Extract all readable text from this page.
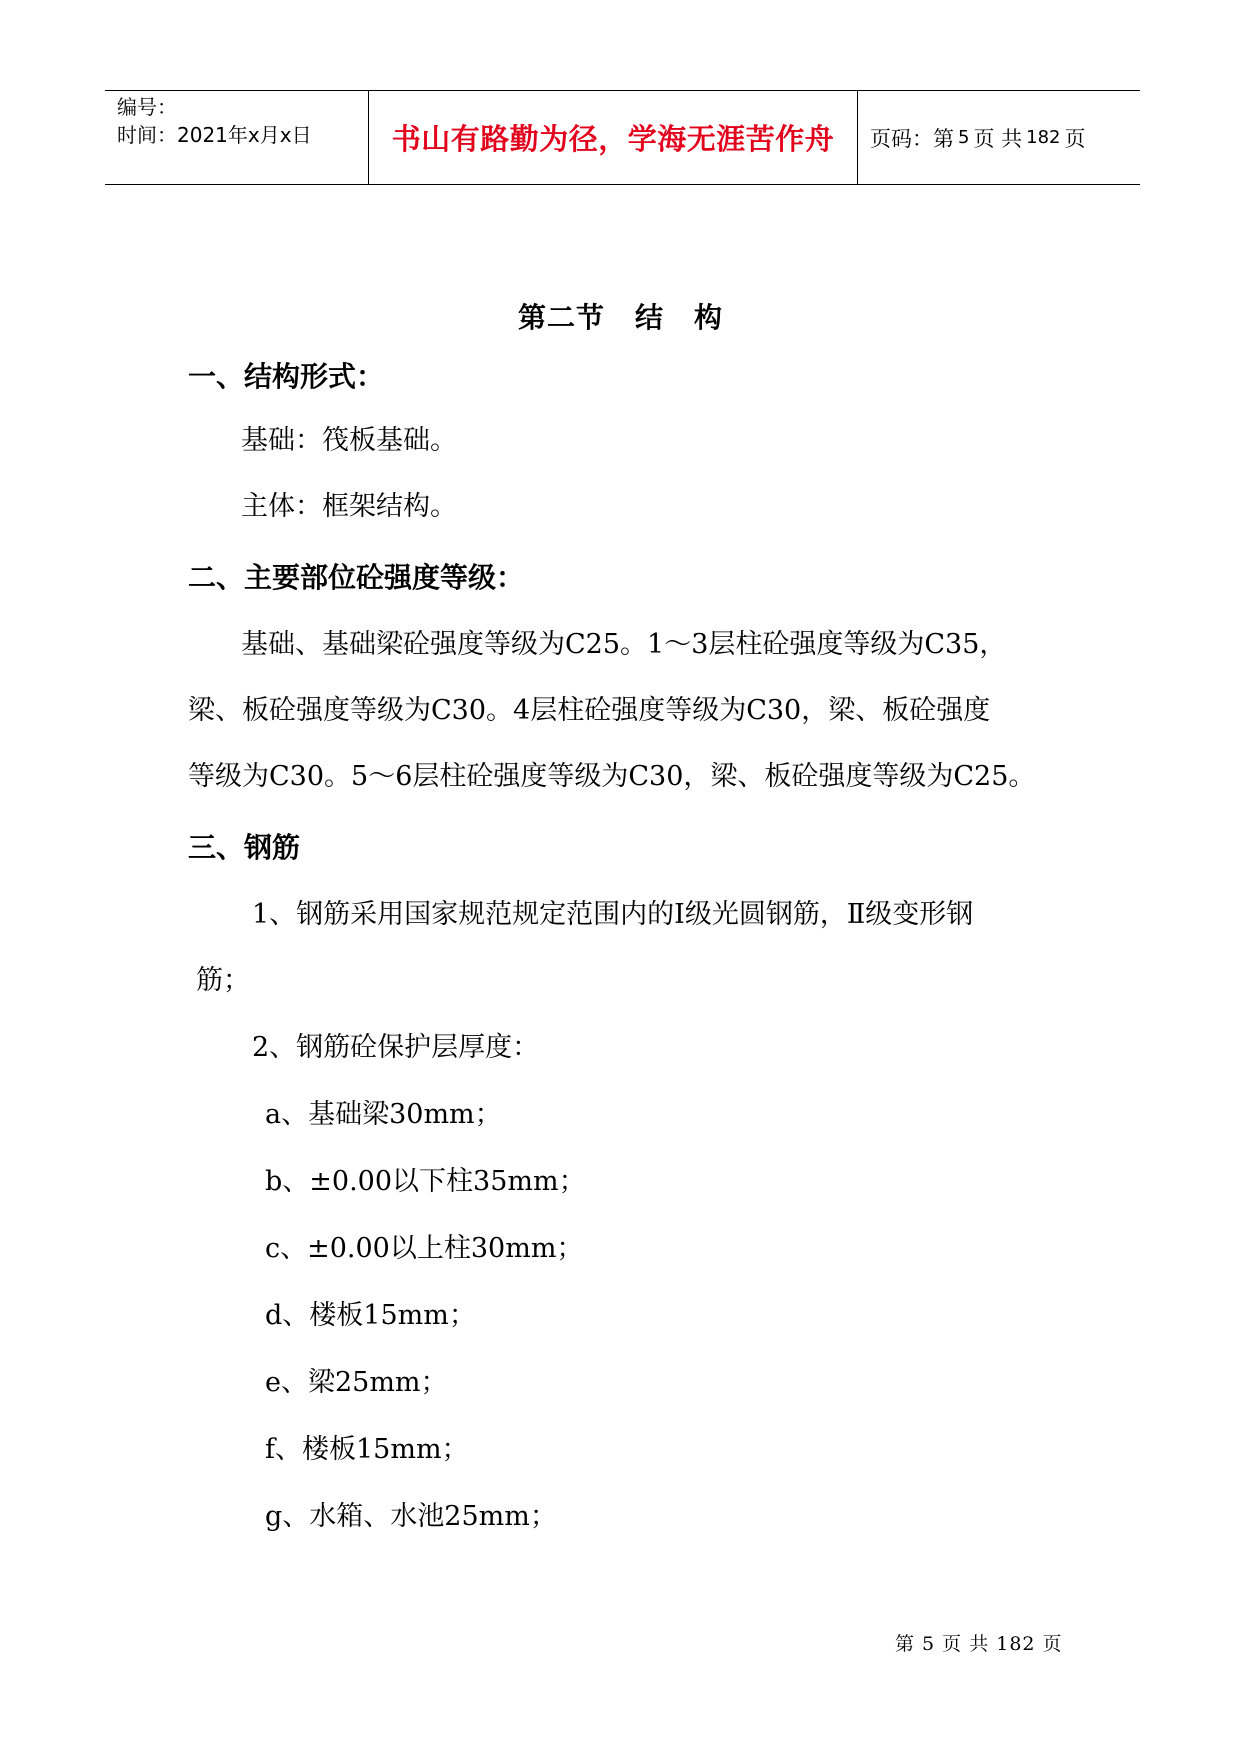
编号：
时间：2021年x月x日	书山有路勤为径，学海无涯苦作舟	页码：第 5 页 共 182 页
第二节 结 构
一、结构形式：
基础：筏板基础。
主体：框架结构。
二、主要部位砼强度等级：
基础、基础梁砼强度等级为C25。1～3层柱砼强度等级为C35，
梁、板砼强度等级为C30。4层柱砼强度等级为C30，梁、板砼强度
等级为C30。5～6层柱砼强度等级为C30，梁、板砼强度等级为C25。
三、钢筋
1、钢筋采用国家规范规定范围内的Ⅰ级光圆钢筋，Ⅱ级变形钢
筋；
2、钢筋砼保护层厚度：
a、基础梁30mm；
b、±0.00以下柱35mm；
c、±0.00以上柱30mm；
d、楼板15mm；
e、梁25mm；
f、楼板15mm；
g、水箱、水池25mm；
第 5 页 共 182 页
